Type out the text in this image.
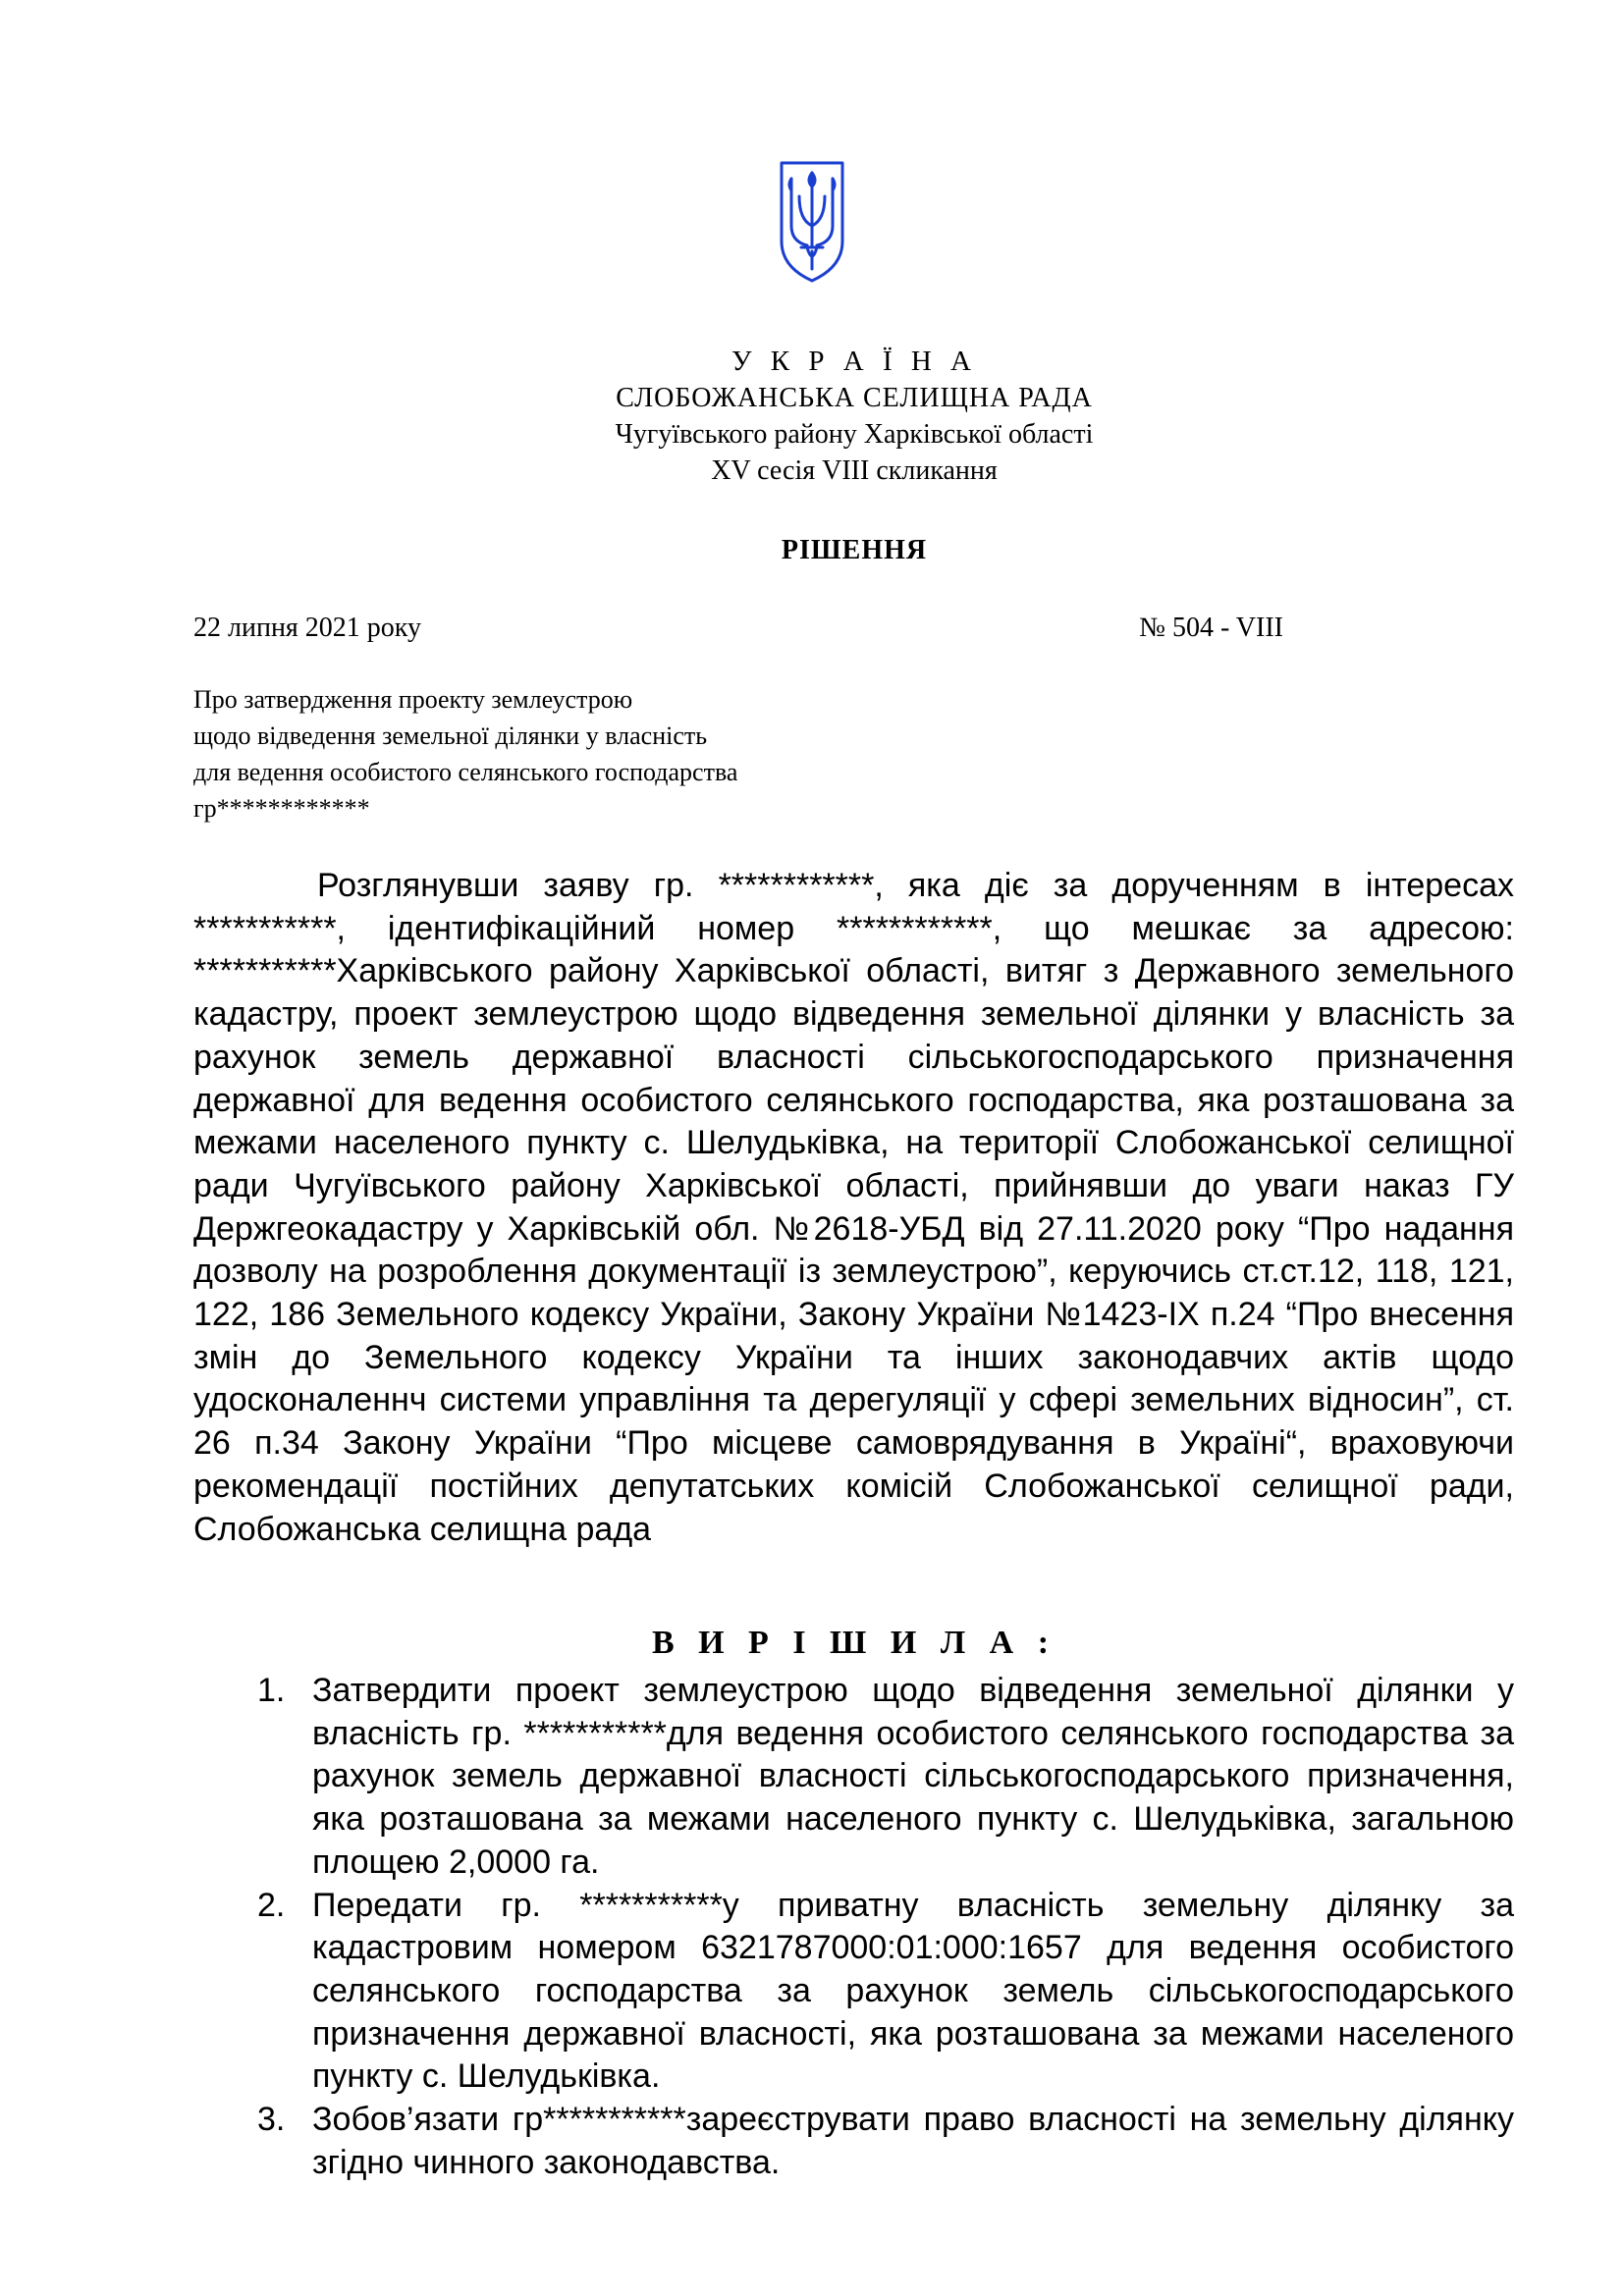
У К Р А Ї Н А
СЛОБОЖАНСЬКА СЕЛИЩНА РАДА
Чугуївського району Харківської області
XV сесія VIII скликання
РІШЕННЯ
22 липня 2021 року	№ 504 - VIII
Про затвердження проекту землеустрою
щодо відведення земельної ділянки у власність
для ведення особистого селянського господарства
гр************

Розглянувши заяву гр. ************, яка діє за дорученням в інтересах ***********, ідентифікаційний номер ************, що мешкає за адресою: ***********Харківського району Харківської області, витяг з Державного земельного кадастру, проект землеустрою щодо відведення земельної ділянки у власність за рахунок земель державної власності сільськогосподарського призначення державної для ведення особистого селянського господарства, яка розташована за межами населеного пункту с. Шелудьківка, на території Слобожанської селищної ради Чугуївського району Харківської області, прийнявши до уваги наказ ГУ Держгеокадастру у Харківській обл. №2618-УБД від 27.11.2020 року “Про надання дозволу на розроблення документації із землеустрою”, керуючись ст.ст.12, 118, 121, 122, 186 Земельного кодексу України, Закону України №1423-ІХ п.24 “Про внесення змін до Земельного кодексу України та інших законодавчих актів щодо удосконаленнч системи управління та дерегуляції у сфері земельних відносин”, ст. 26 п.34 Закону України “Про місцеве самоврядування в Україні“, враховуючи рекомендації постійних депутатських комісій Слобожанської селищної ради, Слобожанська селищна рада

В И Р І Ш И Л А :
1. Затвердити проект землеустрою щодо відведення земельної ділянки у власність гр. ***********для ведення особистого селянського господарства за рахунок земель державної власності сільськогосподарського призначення, яка розташована за межами населеного пункту с. Шелудьківка, загальною площею 2,0000 га.
2. Передати гр. ***********у приватну власність земельну ділянку за кадастровим номером 6321787000:01:000:1657 для ведення особистого селянського господарства за рахунок земель сільськогосподарського призначення державної власності, яка розташована за межами населеного пункту с. Шелудьківка.
3. Зобов’язати гр***********зареєструвати право власності на земельну ділянку згідно чинного законодавства.
